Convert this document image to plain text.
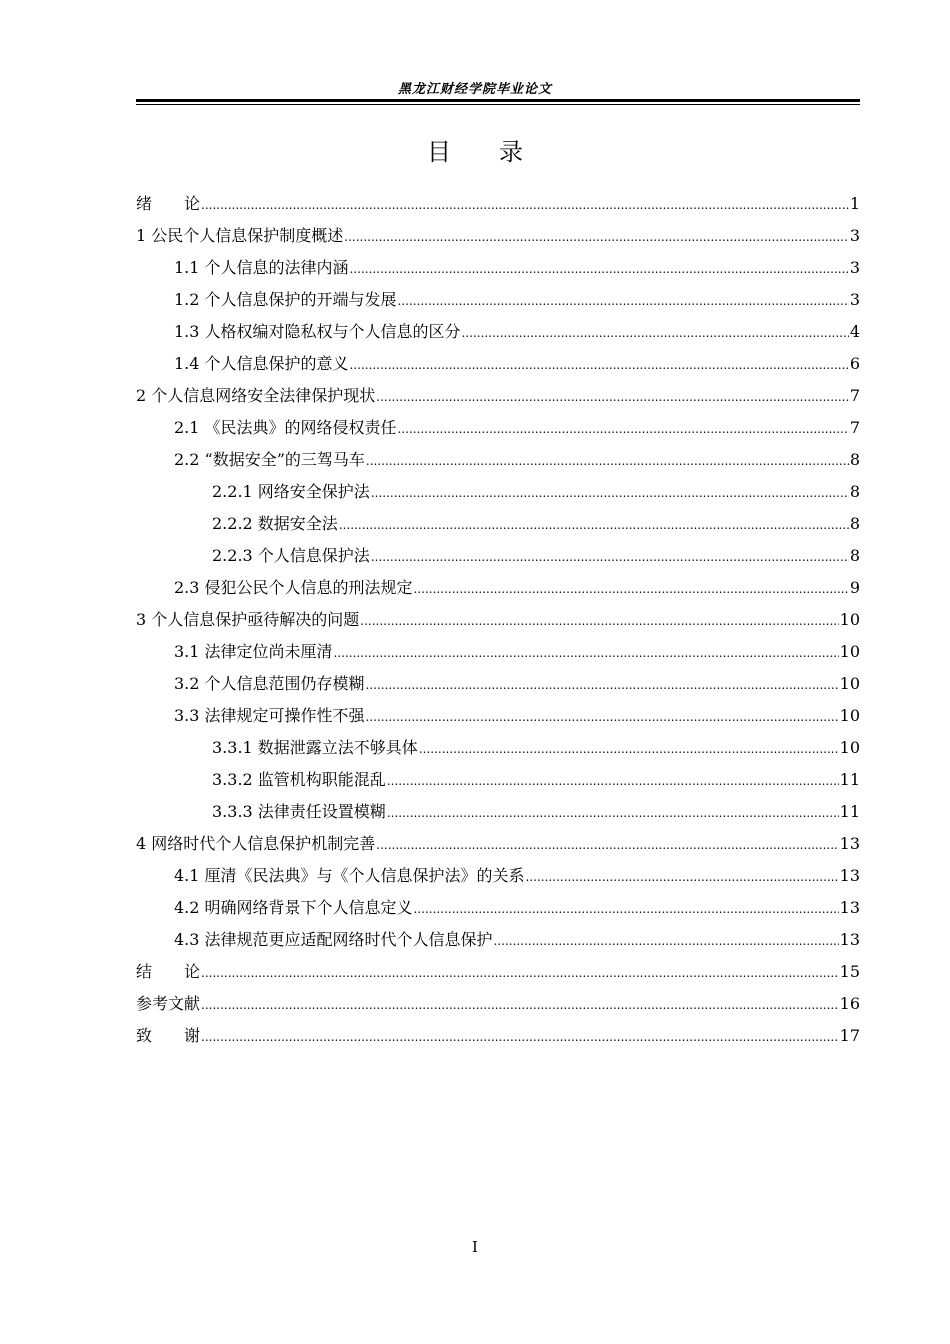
黑龙江财经学院毕业论文
目　　录
绪　　论 .....	1
1 公民个人信息保护制度概述 .....	3
1.1 个人信息的法律内涵 .....	3
1.2 个人信息保护的开端与发展 .....	3
1.3 人格权编对隐私权与个人信息的区分 .....	4
1.4 个人信息保护的意义 .....	6
2 个人信息网络安全法律保护现状 .....	7
2.1 《民法典》的网络侵权责任 .....	7
2.2 “数据安全”的三驾马车 .....	8
2.2.1 网络安全保护法 .....	8
2.2.2 数据安全法 .....	8
2.2.3 个人信息保护法 .....	8
2.3 侵犯公民个人信息的刑法规定 .....	9
3 个人信息保护亟待解决的问题 .....	10
3.1 法律定位尚未厘清 .....	10
3.2 个人信息范围仍存模糊 .....	10
3.3 法律规定可操作性不强 .....	10
3.3.1 数据泄露立法不够具体 .....	10
3.3.2 监管机构职能混乱 .....	11
3.3.3 法律责任设置模糊 .....	11
4 网络时代个人信息保护机制完善 .....	13
4.1 厘清《民法典》与《个人信息保护法》的关系 .....	13
4.2 明确网络背景下个人信息定义 .....	13
4.3 法律规范更应适配网络时代个人信息保护 .....	13
结　　论 .....	15
参考文献 .....	16
致　　谢 .....	17
I
